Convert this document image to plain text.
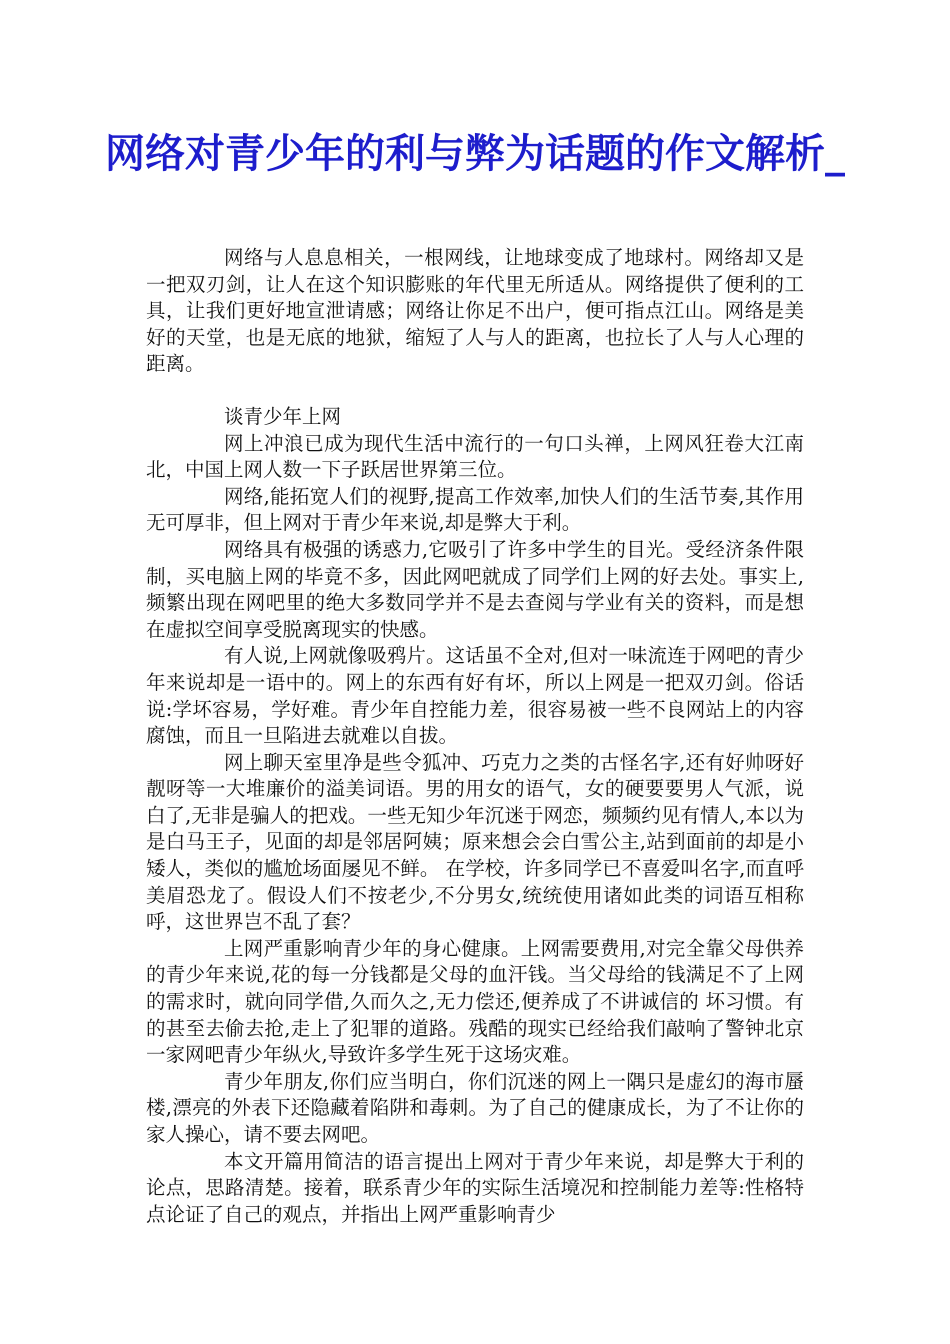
网络对青少年的利与弊为话题的作文解析_

网络与人息息相关，一根网线，让地球变成了地球村。网络却又是一把双刃剑，让人在这个知识膨账的年代里无所适从。网络提供了便利的工具，让我们更好地宣泄请感；网络让你足不出户，便可指点江山。网络是美好的天堂，也是无底的地狱，缩短了人与人的距离，也拉长了人与人心理的距离。

谈青少年上网

网上冲浪已成为现代生活中流行的一句口头禅，上网风狂卷大江南北，中国上网人数一下子跃居世界第三位。

网络,能拓宽人们的视野,提高工作效率,加快人们的生活节奏,其作用无可厚非，但上网对于青少年来说,却是弊大于利。

网络具有极强的诱惑力,它吸引了许多中学生的目光。受经济条件限制，买电脑上网的毕竟不多，因此网吧就成了同学们上网的好去处。事实上,频繁出现在网吧里的绝大多数同学并不是去查阅与学业有关的资料，而是想在虚拟空间享受脱离现实的快感。

有人说,上网就像吸鸦片。这话虽不全对,但对一味流连于网吧的青少年来说却是一语中的。网上的东西有好有坏，所以上网是一把双刃剑。俗话说:学坏容易，学好难。青少年自控能力差，很容易被一些不良网站上的内容腐蚀，而且一旦陷进去就难以自拔。

网上聊天室里净是些令狐冲、巧克力之类的古怪名字,还有好帅呀好靓呀等一大堆廉价的溢美词语。男的用女的语气，女的硬要要男人气派，说白了,无非是骗人的把戏。一些无知少年沉迷于网恋，频频约见有情人,本以为是白马王子，见面的却是邻居阿姨；原来想会会白雪公主,站到面前的却是小矮人，类似的尴尬场面屡见不鲜。 在学校，许多同学已不喜爱叫名字,而直呼 美眉恐龙了。假设人们不按老少,不分男女,统统使用诸如此类的词语互相称呼，这世界岂不乱了套？

上网严重影响青少年的身心健康。上网需要费用,对完全靠父母供养的青少年来说,花的每一分钱都是父母的血汗钱。当父母给的钱满足不了上网的需求时，就向同学借,久而久之,无力偿还,便养成了不讲诚信的 坏习惯。有的甚至去偷去抢,走上了犯罪的道路。残酷的现实已经给我们敲响了警钟北京一家网吧青少年纵火,导致许多学生死于这场灾难。

青少年朋友,你们应当明白，你们沉迷的网上一隅只是虚幻的海市蜃楼,漂亮的外表下还隐藏着陷阱和毒刺。为了自己的健康成长，为了不让你的家人操心，请不要去网吧。

本文开篇用简洁的语言提出上网对于青少年来说，却是弊大于利的论点，思路清楚。接着，联系青少年的实际生活境况和控制能力差等:性格特点论证了自己的观点，并指出上网严重影响青少
